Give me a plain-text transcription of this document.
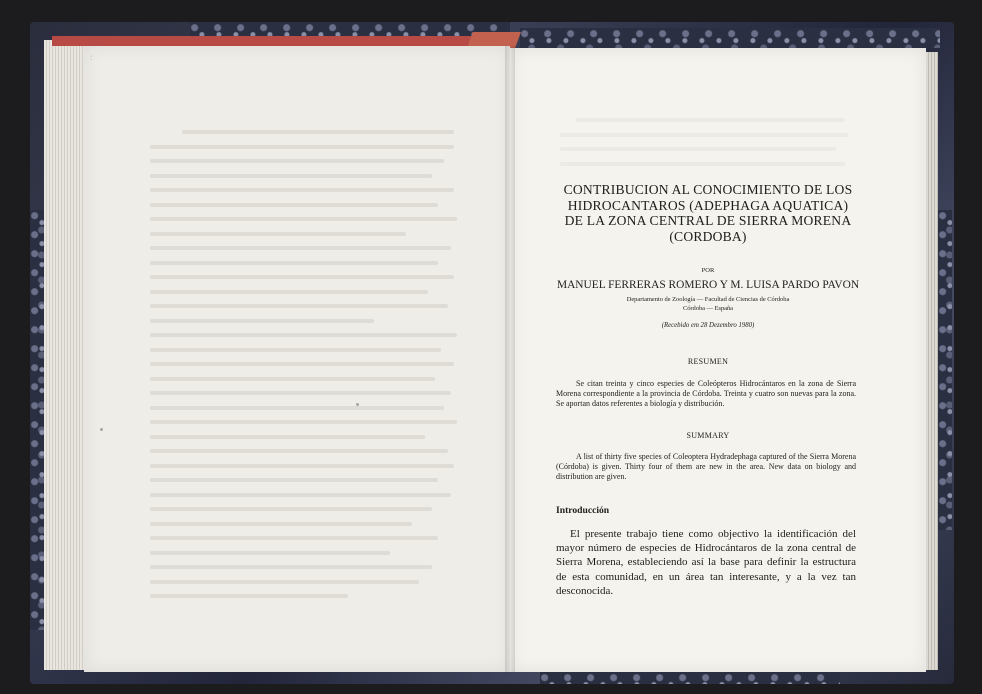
:
CONTRIBUCION AL CONOCIMIENTO DE LOS HIDROCANTAROS (ADEPHAGA AQUATICA) DE LA ZONA CENTRAL DE SIERRA MORENA (CORDOBA)
POR
MANUEL FERRERAS ROMERO Y M. LUISA PARDO PAVON
Departamento de Zoología — Facultad de Ciencias de Córdoba
Córdoba — España
(Recebido em 28 Dezembro 1980)
RESUMEN
Se citan treinta y cinco especies de Coleópteros Hidrocántaros en la zona de Sierra Morena correspondiente a la provincia de Córdoba. Treinta y cuatro son nuevas para la zona. Se aportan datos referentes a biología y distribución.
SUMMARY
A list of thirty five species of Coleoptera Hydradephaga captured of the Sierra Morena (Córdoba) is given. Thirty four of them are new in the area. New data on biology and distribution are given.
Introducción
El presente trabajo tiene como objectivo la identificación del mayor número de especies de Hidrocántaros de la zona central de Sierra Morena, estableciendo así la base para definir la estructura de esta comunidad, en un área tan interesante, y a la vez tan desconocida.
